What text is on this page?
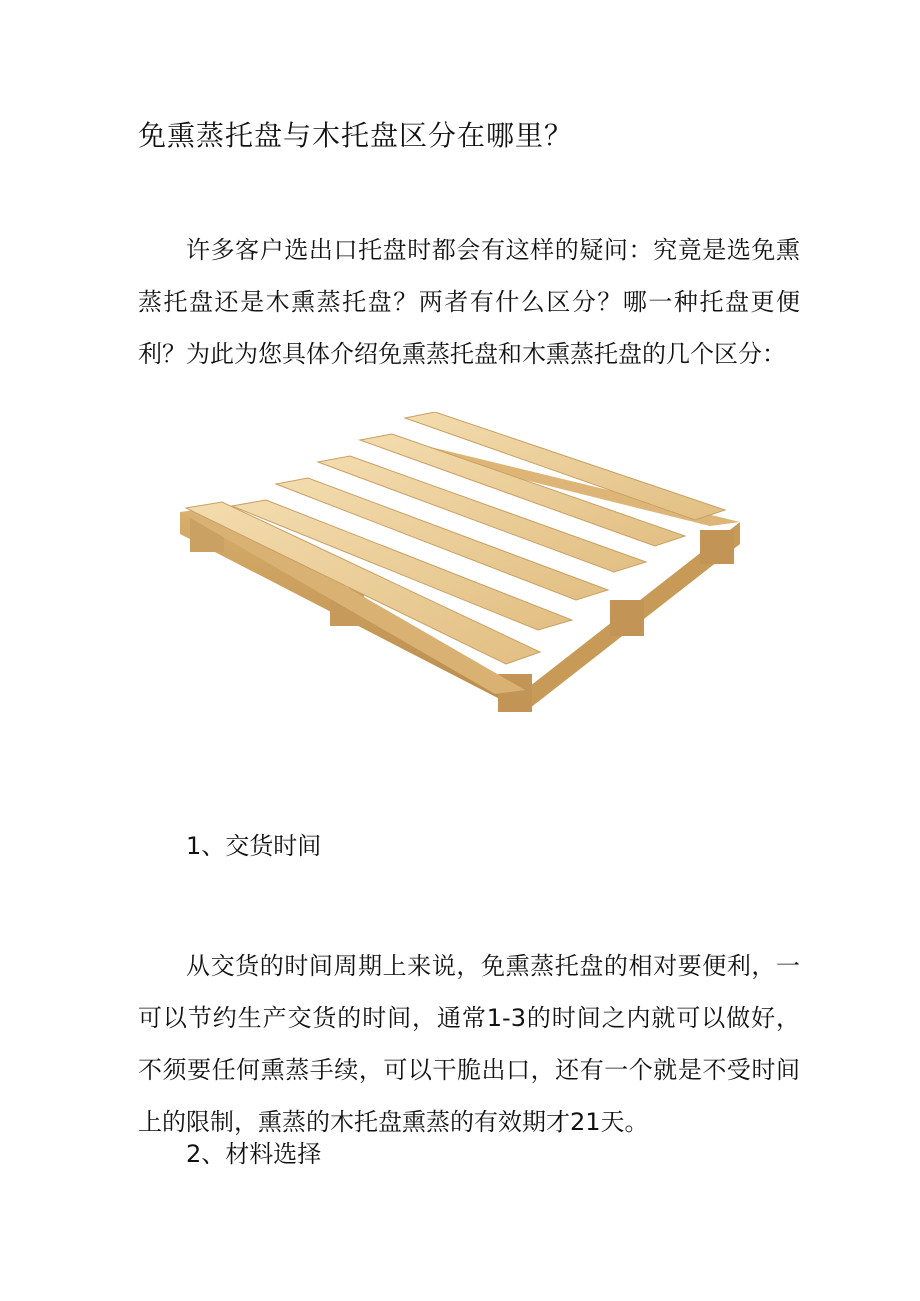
免熏蒸托盘与木托盘区分在哪里？

许多客户选出口托盘时都会有这样的疑问：究竟是选免熏蒸托盘还是木熏蒸托盘？两者有什么区分？哪一种托盘更便利？为此为您具体介绍免熏蒸托盘和木熏蒸托盘的几个区分：

1、交货时间

从交货的时间周期上来说，免熏蒸托盘的相对要便利，一可以节约生产交货的时间，通常1-3的时间之内就可以做好，不须要任何熏蒸手续，可以干脆出口，还有一个就是不受时间上的限制，熏蒸的木托盘熏蒸的有效期才21天。

2、材料选择
